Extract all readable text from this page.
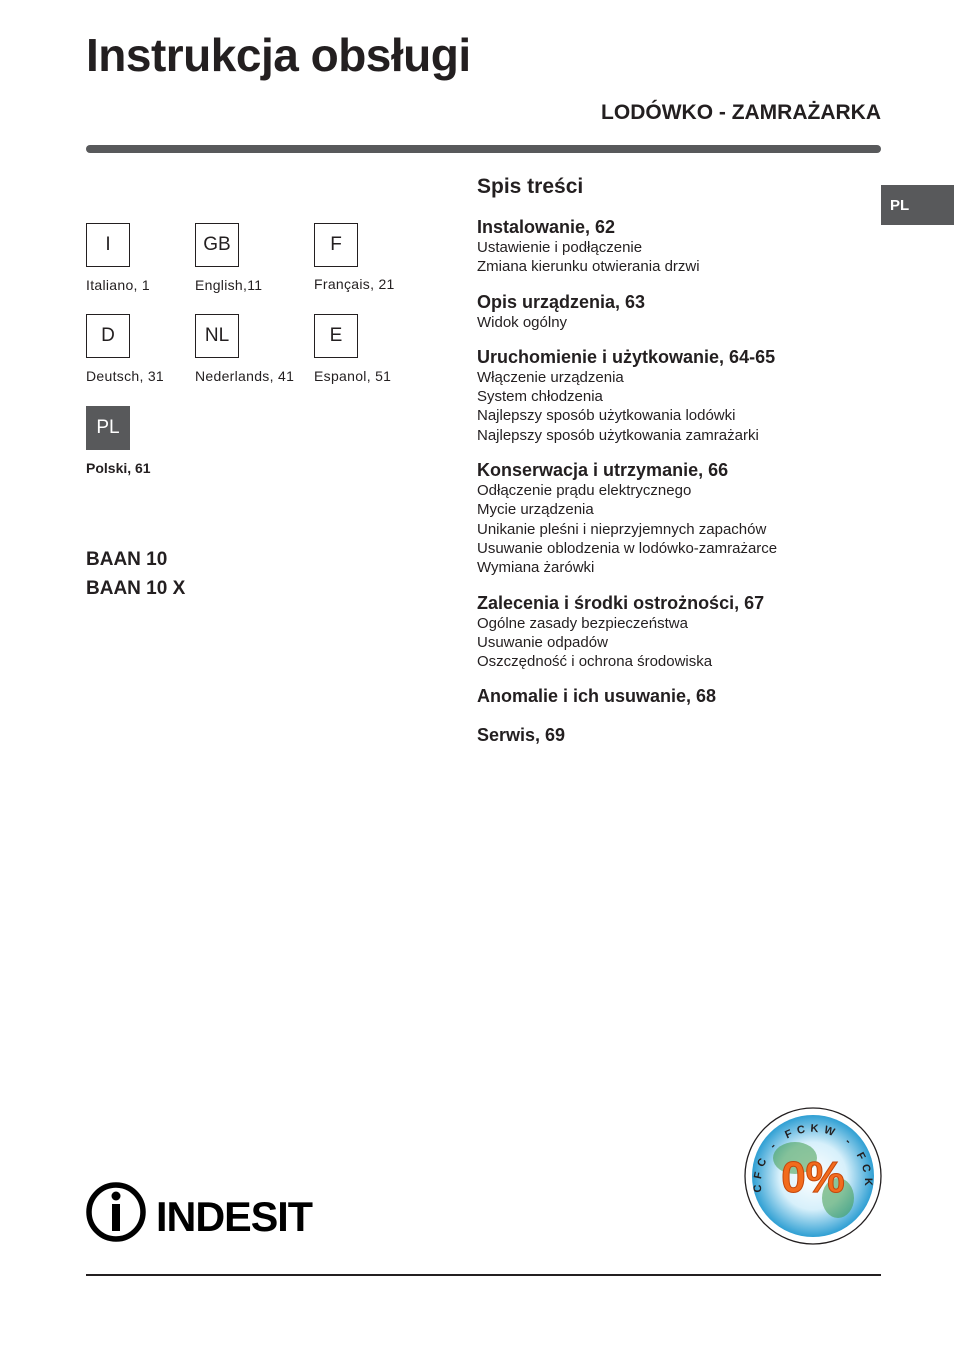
Instrukcja obsługi
LODÓWKO - ZAMRAŻARKA
PL
I
Italiano, 1
GB
English,11
F
Français, 21
D
Deutsch, 31
NL
Nederlands, 41
E
Espanol, 51
PL
Polski, 61
BAAN 10
BAAN 10 X
Spis treści
Instalowanie, 62
Ustawienie i podłączenie
Zmiana kierunku otwierania drzwi
Opis urządzenia, 63
Widok ogólny
Uruchomienie i użytkowanie, 64-65
Włączenie urządzenia
System chłodzenia
Najlepszy sposób użytkowania lodówki
Najlepszy sposób użytkowania zamrażarki
Konserwacja i utrzymanie, 66
Odłączenie prądu elektrycznego
Mycie urządzenia
Unikanie pleśni i nieprzyjemnych zapachów
Usuwanie oblodzenia w lodówko-zamrażarce
Wymiana żarówki
Zalecenia i środki ostrożności, 67
Ogólne zasady bezpieczeństwa
Usuwanie odpadów
Oszczędność i ochrona środowiska
Anomalie i ich usuwanie, 68
Serwis, 69
INDESIT
CFC - FCKW - FCK
0%
